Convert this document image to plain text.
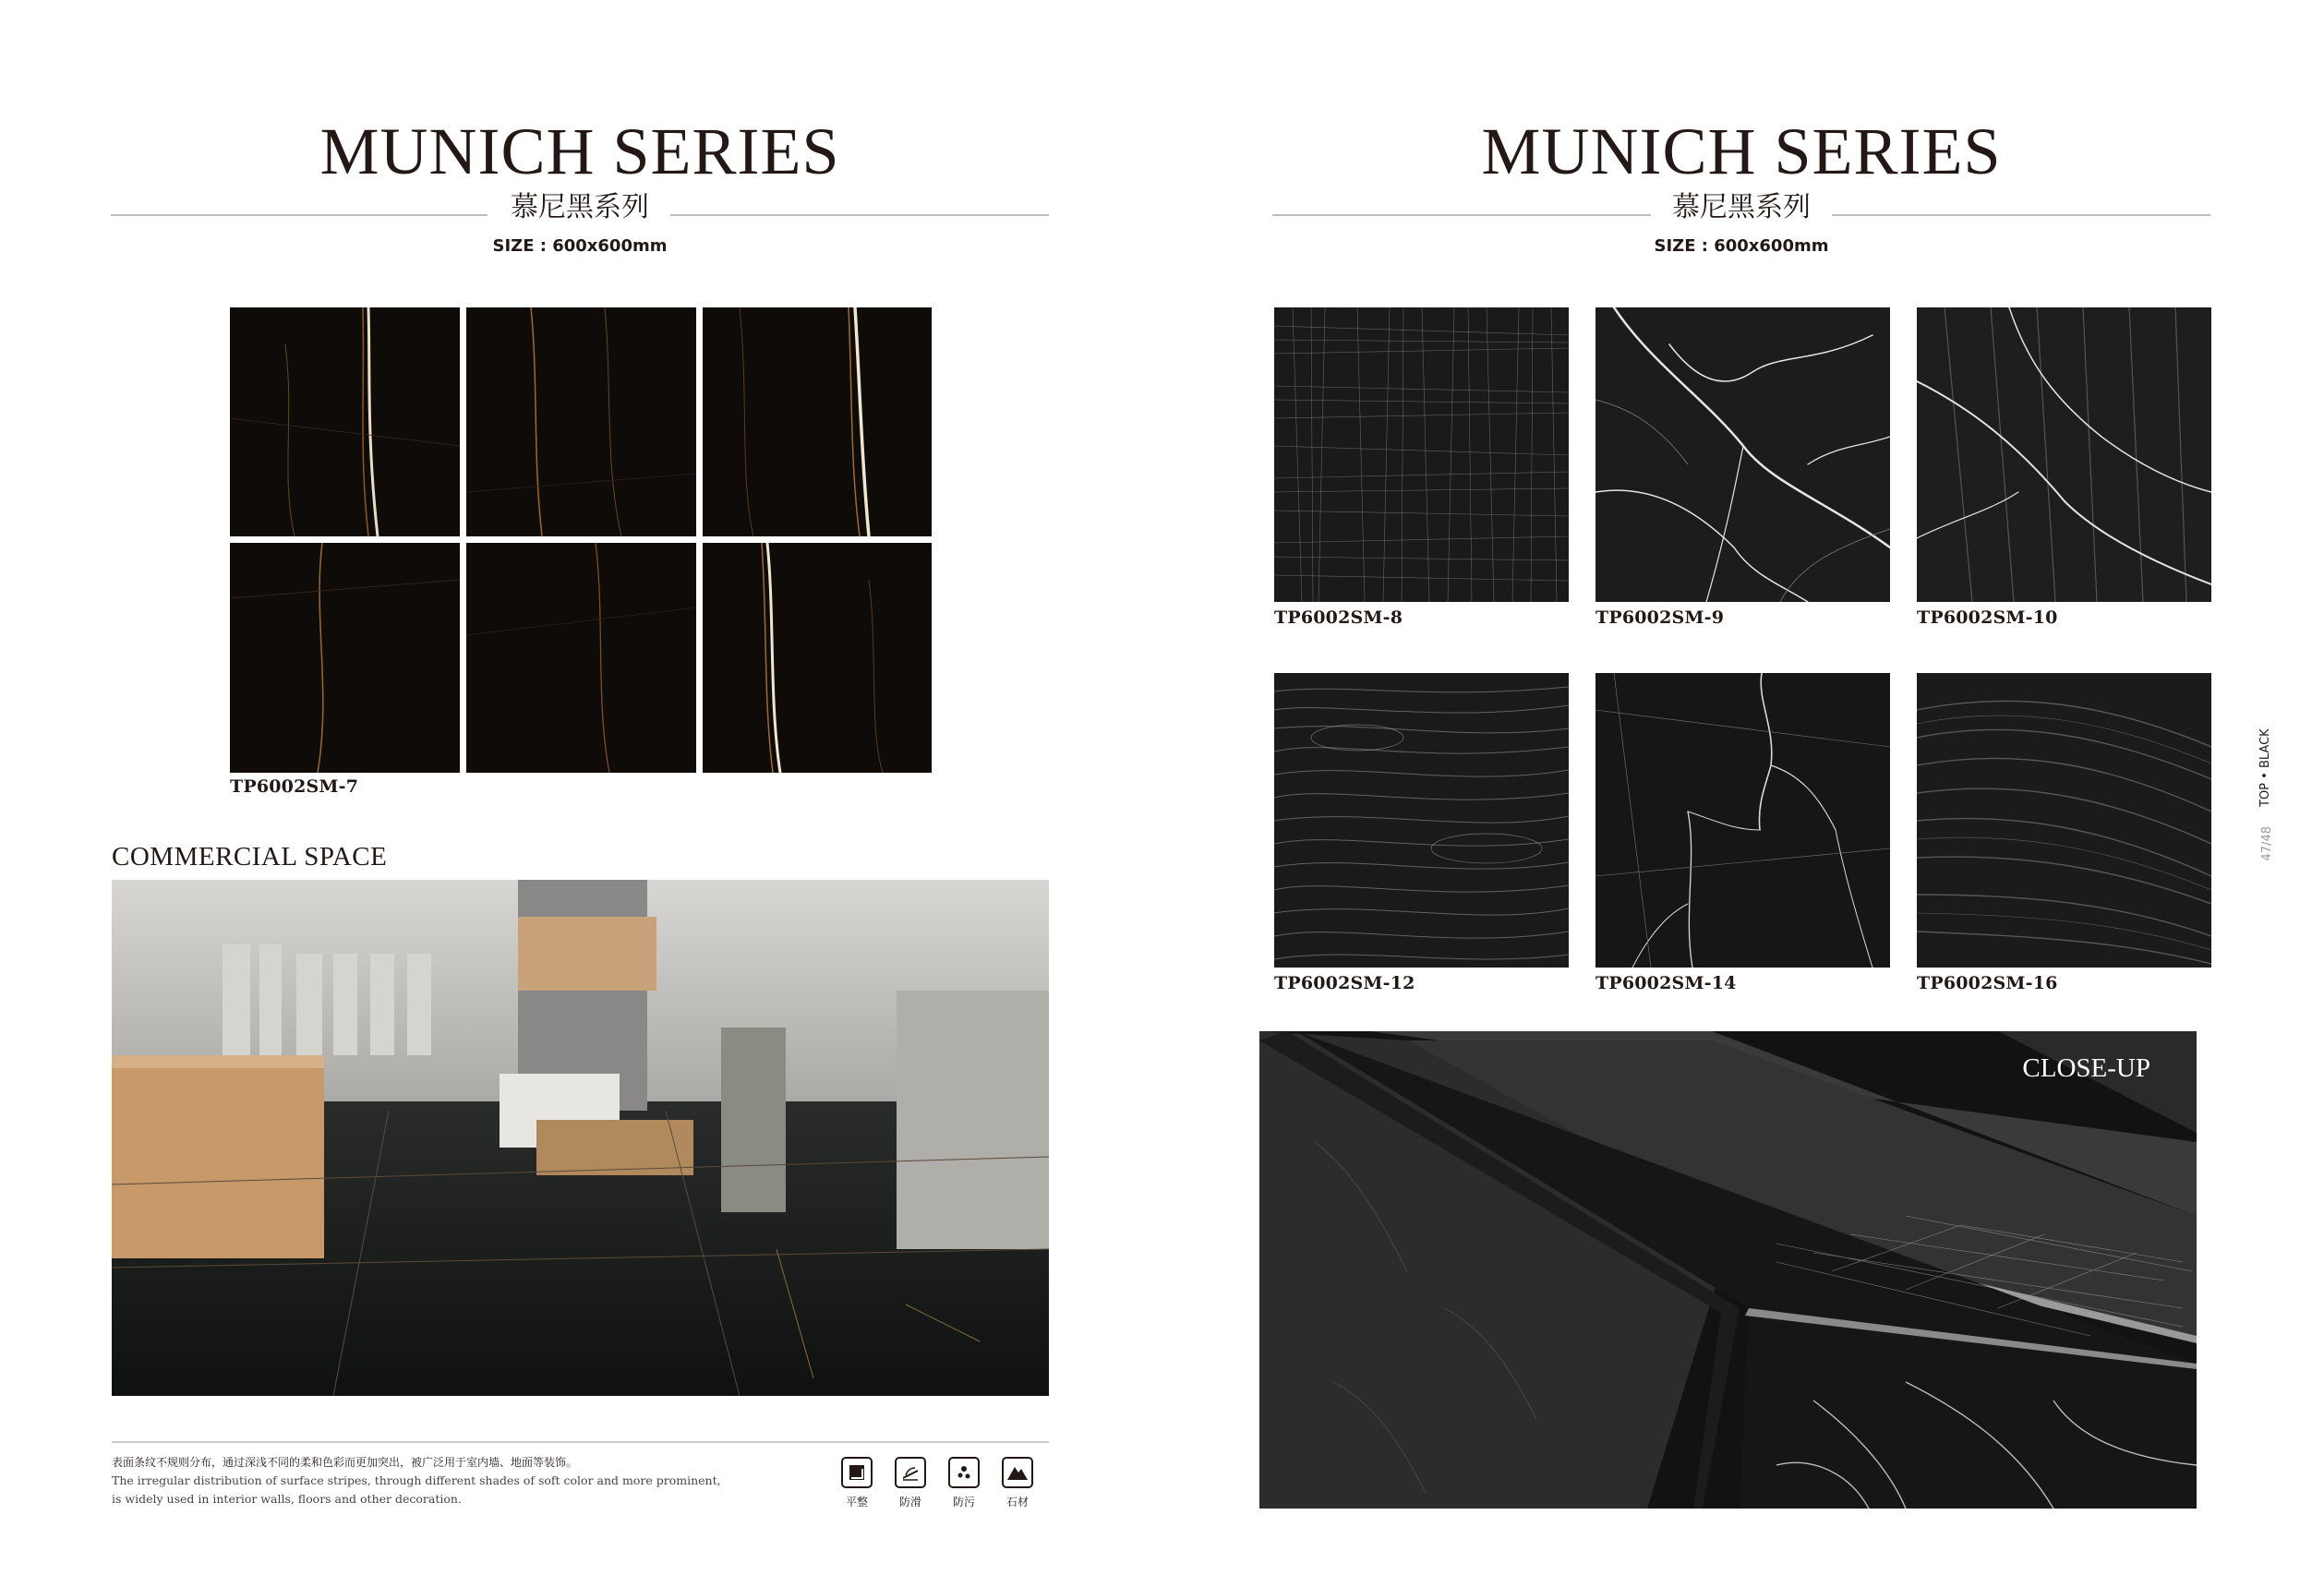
MUNICH SERIES
慕尼黑系列
SIZE : 600x600mm
TP6002SM-7
COMMERCIAL SPACE
表面条纹不规则分布，通过深浅不同的柔和色彩而更加突出，被广泛用于室内墙、地面等装饰。
The irregular distribution of surface stripes, through different shades of soft color and more prominent,
is widely used in interior walls, floors and other decoration.	平整	防滑	防污	石材
MUNICH SERIES
慕尼黑系列
SIZE : 600x600mm
TP6002SM-8	TP6002SM-9	TP6002SM-10
TP6002SM-12	TP6002SM-14	TP6002SM-16
TOP • BLACK
47/48
CLOSE-UP
